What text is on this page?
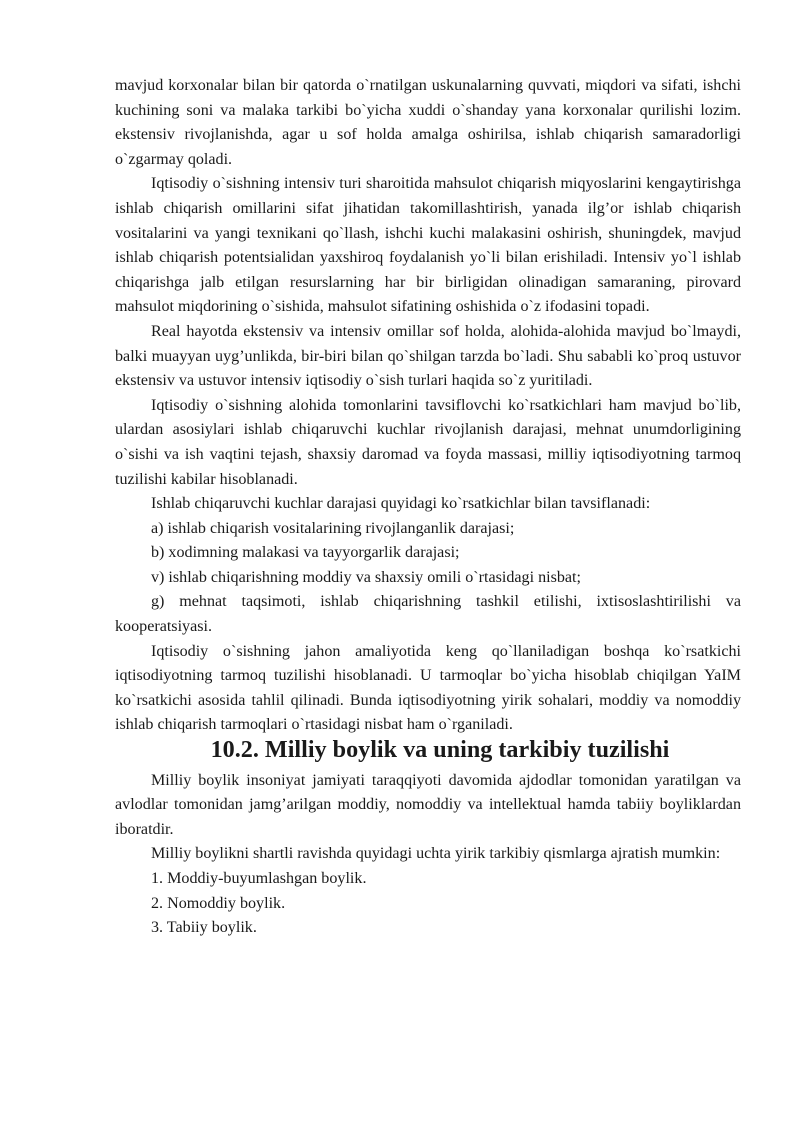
mavjud korxonalar bilan bir qatorda o`rnatilgan uskunalarning quvvati, miqdori va sifati, ishchi kuchining soni va malaka tarkibi bo`yicha xuddi o`shanday yana korxonalar qurilishi lozim. ekstensiv rivojlanishda, agar u sof holda amalga oshirilsa, ishlab chiqarish samaradorligi o`zgarmay qoladi.

Iqtisodiy o`sishning intensiv turi sharoitida mahsulot chiqarish miqyoslarini kengaytirishga ishlab chiqarish omillarini sifat jihatidan takomillashtirish, yanada ilg’or ishlab chiqarish vositalarini va yangi texnikani qo`llash, ishchi kuchi malakasini oshirish, shuningdek, mavjud ishlab chiqarish potentsialidan yaxshiroq foydalanish yo`li bilan erishiladi. Intensiv yo`l ishlab chiqarishga jalb etilgan resurslarning har bir birligidan olinadigan samaraning, pirovard mahsulot miqdorining o`sishida, mahsulot sifatining oshishida o`z ifodasini topadi.

Real hayotda ekstensiv va intensiv omillar sof holda, alohida-alohida mavjud bo`lmaydi, balki muayyan uyg’unlikda, bir-biri bilan qo`shilgan tarzda bo`ladi. Shu sababli ko`proq ustuvor ekstensiv va ustuvor intensiv iqtisodiy o`sish turlari haqida so`z yuritiladi.

Iqtisodiy o`sishning alohida tomonlarini tavsiflovchi ko`rsatkichlari ham mavjud bo`lib, ulardan asosiylari ishlab chiqaruvchi kuchlar rivojlanish darajasi, mehnat unumdorligining o`sishi va ish vaqtini tejash, shaxsiy daromad va foyda massasi, milliy iqtisodiyotning tarmoq tuzilishi kabilar hisoblanadi.

Ishlab chiqaruvchi kuchlar darajasi quyidagi ko`rsatkichlar bilan tavsiflanadi:

a) ishlab chiqarish vositalarining rivojlanganlik darajasi;

b) xodimning malakasi va tayyorgarlik darajasi;

v) ishlab chiqarishning moddiy va shaxsiy omili o`rtasidagi nisbat;

g) mehnat taqsimoti, ishlab chiqarishning tashkil etilishi, ixtisoslashtirilishi va kooperatsiyasi.

Iqtisodiy o`sishning jahon amaliyotida keng qo`llaniladigan boshqa ko`rsatkichi iqtisodiyotning tarmoq tuzilishi hisoblanadi. U tarmoqlar bo`yicha hisoblab chiqilgan YaIM ko`rsatkichi asosida tahlil qilinadi. Bunda iqtisodiyotning yirik sohalari, moddiy va nomoddiy ishlab chiqarish tarmoqlari o`rtasidagi nisbat ham o`rganiladi.

10.2. Milliy boylik va uning tarkibiy tuzilishi

Milliy boylik insoniyat jamiyati taraqqiyoti davomida ajdodlar tomonidan yaratilgan va avlodlar tomonidan jamg’arilgan moddiy, nomoddiy va intellektual hamda tabiiy boyliklardan iboratdir.

Milliy boylikni shartli ravishda quyidagi uchta yirik tarkibiy qismlarga ajratish mumkin:

1. Moddiy-buyumlashgan boylik.

2. Nomoddiy boylik.

3. Tabiiy boylik.
